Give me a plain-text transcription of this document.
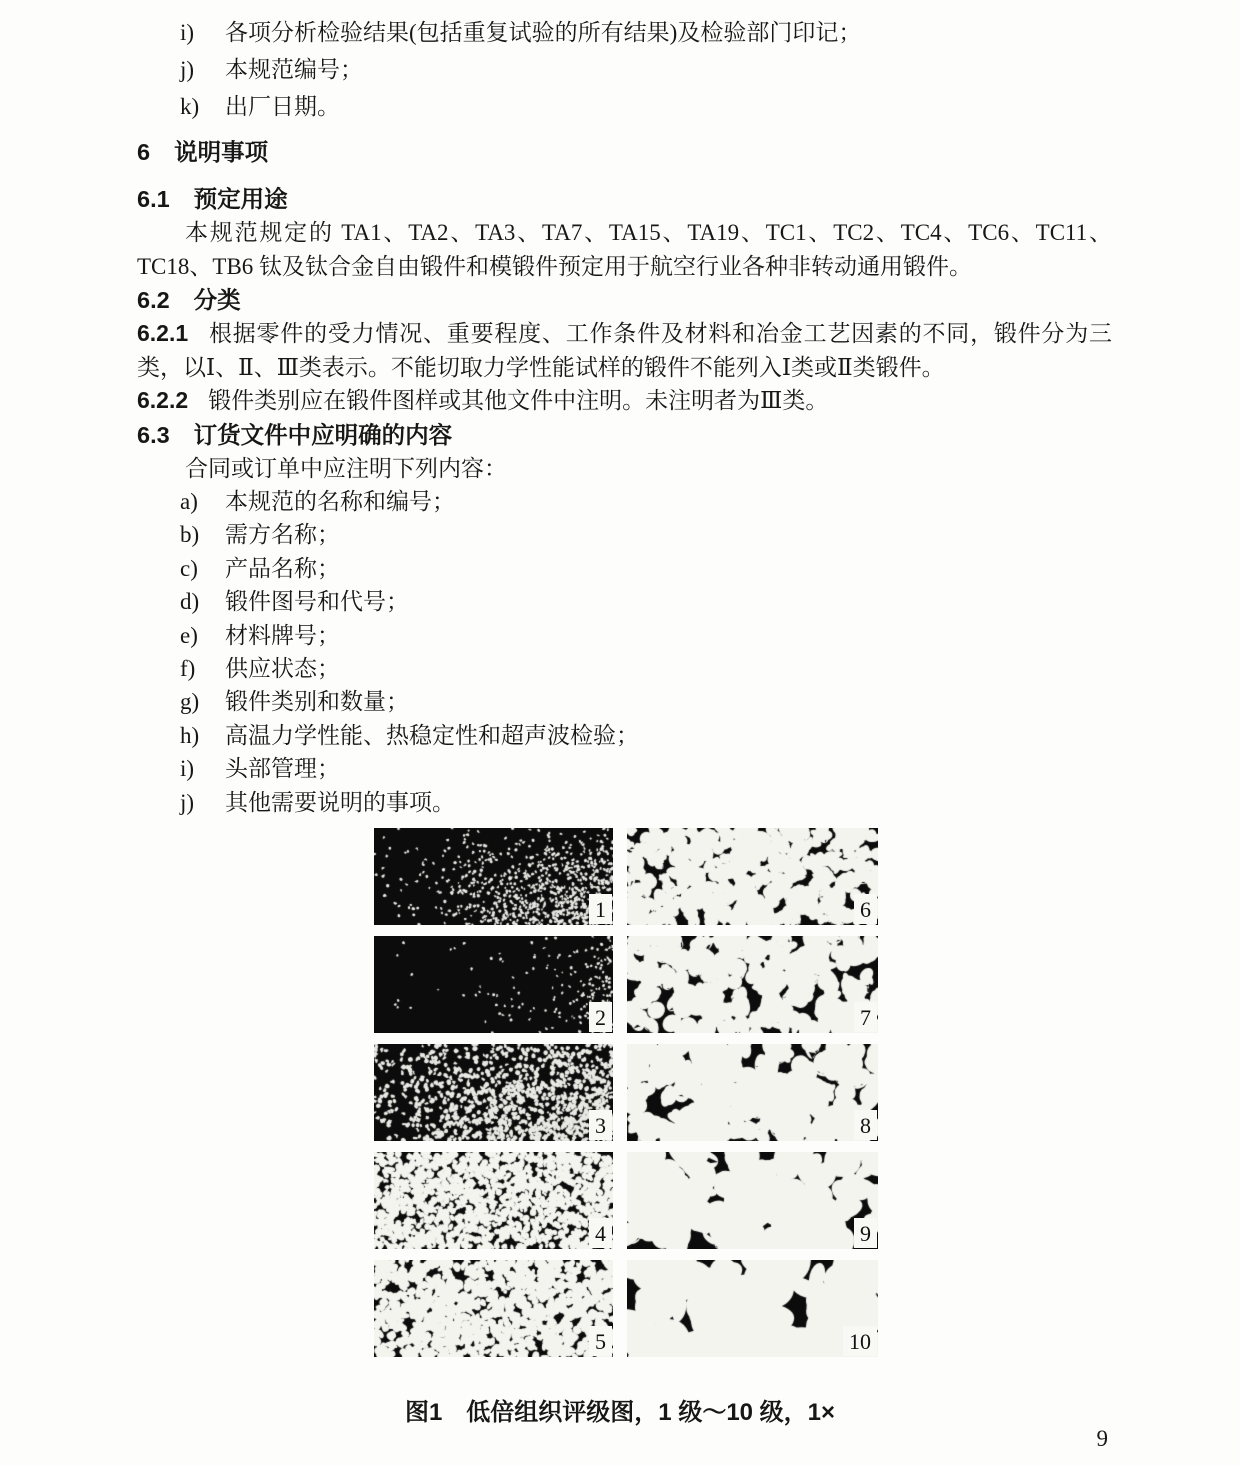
i)	各项分析检验结果(包括重复试验的所有结果)及检验部门印记；
j)	本规范编号；
k)	出厂日期。
6 说明事项
6.1 预定用途

本规范规定的 TA1、TA2、TA3、TA7、TA15、TA19、TC1、TC2、TC4、TC6、TC11、TC18、TB6 钛及钛合金自由锻件和模锻件预定用于航空行业各种非转动通用锻件。

6.2 分类

6.2.1 根据零件的受力情况、重要程度、工作条件及材料和冶金工艺因素的不同，锻件分为三类，以Ⅰ、Ⅱ、Ⅲ类表示。不能切取力学性能试样的锻件不能列入Ⅰ类或Ⅱ类锻件。

6.2.2 锻件类别应在锻件图样或其他文件中注明。未注明者为Ⅲ类。

6.3 订货文件中应明确的内容

合同或订单中应注明下列内容：

a)	本规范的名称和编号；
b)	需方名称；
c)	产品名称；
d)	锻件图号和代号；
e)	材料牌号；
f)	供应状态；
g)	锻件类别和数量；
h)	高温力学性能、热稳定性和超声波检验；
i)	头部管理；
j)	其他需要说明的事项。
1
2
3
4
5
6
7
8
9
10
图1　低倍组织评级图，1 级～10 级，1×
9
